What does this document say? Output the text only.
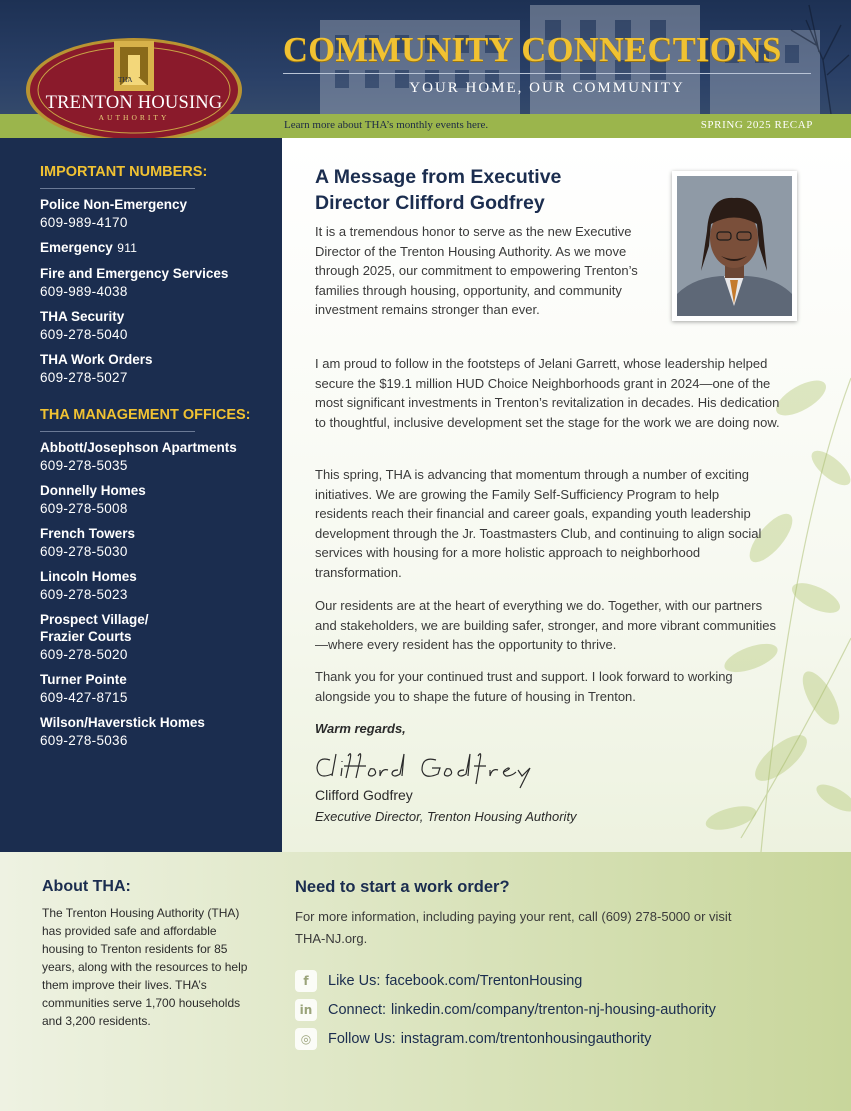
Learn more about THA’s monthly events here.	SPRING 2025 RECAP
THA
TRENTON HOUSING
AUTHORITY
COMMUNITY CONNECTIONS
YOUR HOME, OUR COMMUNITY
IMPORTANT NUMBERS:
Police Non-Emergency
609-989-4170
Emergency 911
Fire and Emergency Services
609-989-4038
THA Security
609-278-5040
THA Work Orders
609-278-5027
THA MANAGEMENT OFFICES:
Abbott/Josephson Apartments
609-278-5035
Donnelly Homes
609-278-5008
French Towers
609-278-5030
Lincoln Homes
609-278-5023
Prospect Village/
Frazier Courts
609-278-5020
Turner Pointe
609-427-8715
Wilson/Haverstick Homes
609-278-5036
A Message from Executive Director Clifford Godfrey
It is a tremendous honor to serve as the new Executive Director of the Trenton Housing Authority. As we move through 2025, our commitment to empowering Trenton’s families through housing, opportunity, and community investment remains stronger than ever.
I am proud to follow in the footsteps of Jelani Garrett, whose leadership helped secure the $19.1 million HUD Choice Neighborhoods grant in 2024—one of the most significant investments in Trenton’s revitalization in decades. His dedication to thoughtful, inclusive development set the stage for the work we are doing now.
This spring, THA is advancing that momentum through a number of exciting initiatives. We are growing the Family Self-Sufficiency Program to help residents reach their financial and career goals, expanding youth leadership development through the Jr. Toastmasters Club, and continuing to align social services with housing for a more holistic approach to neighborhood transformation.
Our residents are at the heart of everything we do. Together, with our partners and stakeholders, we are building safer, stronger, and more vibrant communities—where every resident has the opportunity to thrive.
Thank you for your continued trust and support. I look forward to working alongside you to shape the future of housing in Trenton.
Warm regards,
Clifford Godfrey
Executive Director, Trenton Housing Authority
About THA:
The Trenton Housing Authority (THA) has provided safe and affordable housing to Trenton residents for 85 years, along with the resources to help them improve their lives. THA’s communities serve 1,700 households and 3,200 residents.
Need to start a work order?
For more information, including paying your rent, call (609) 278-5000 or visit THA-NJ.org.
f	Like Us: facebook.com/TrentonHousing
in	Connect: linkedin.com/company/trenton-nj-housing-authority
◎	Follow Us: instagram.com/trentonhousingauthority
